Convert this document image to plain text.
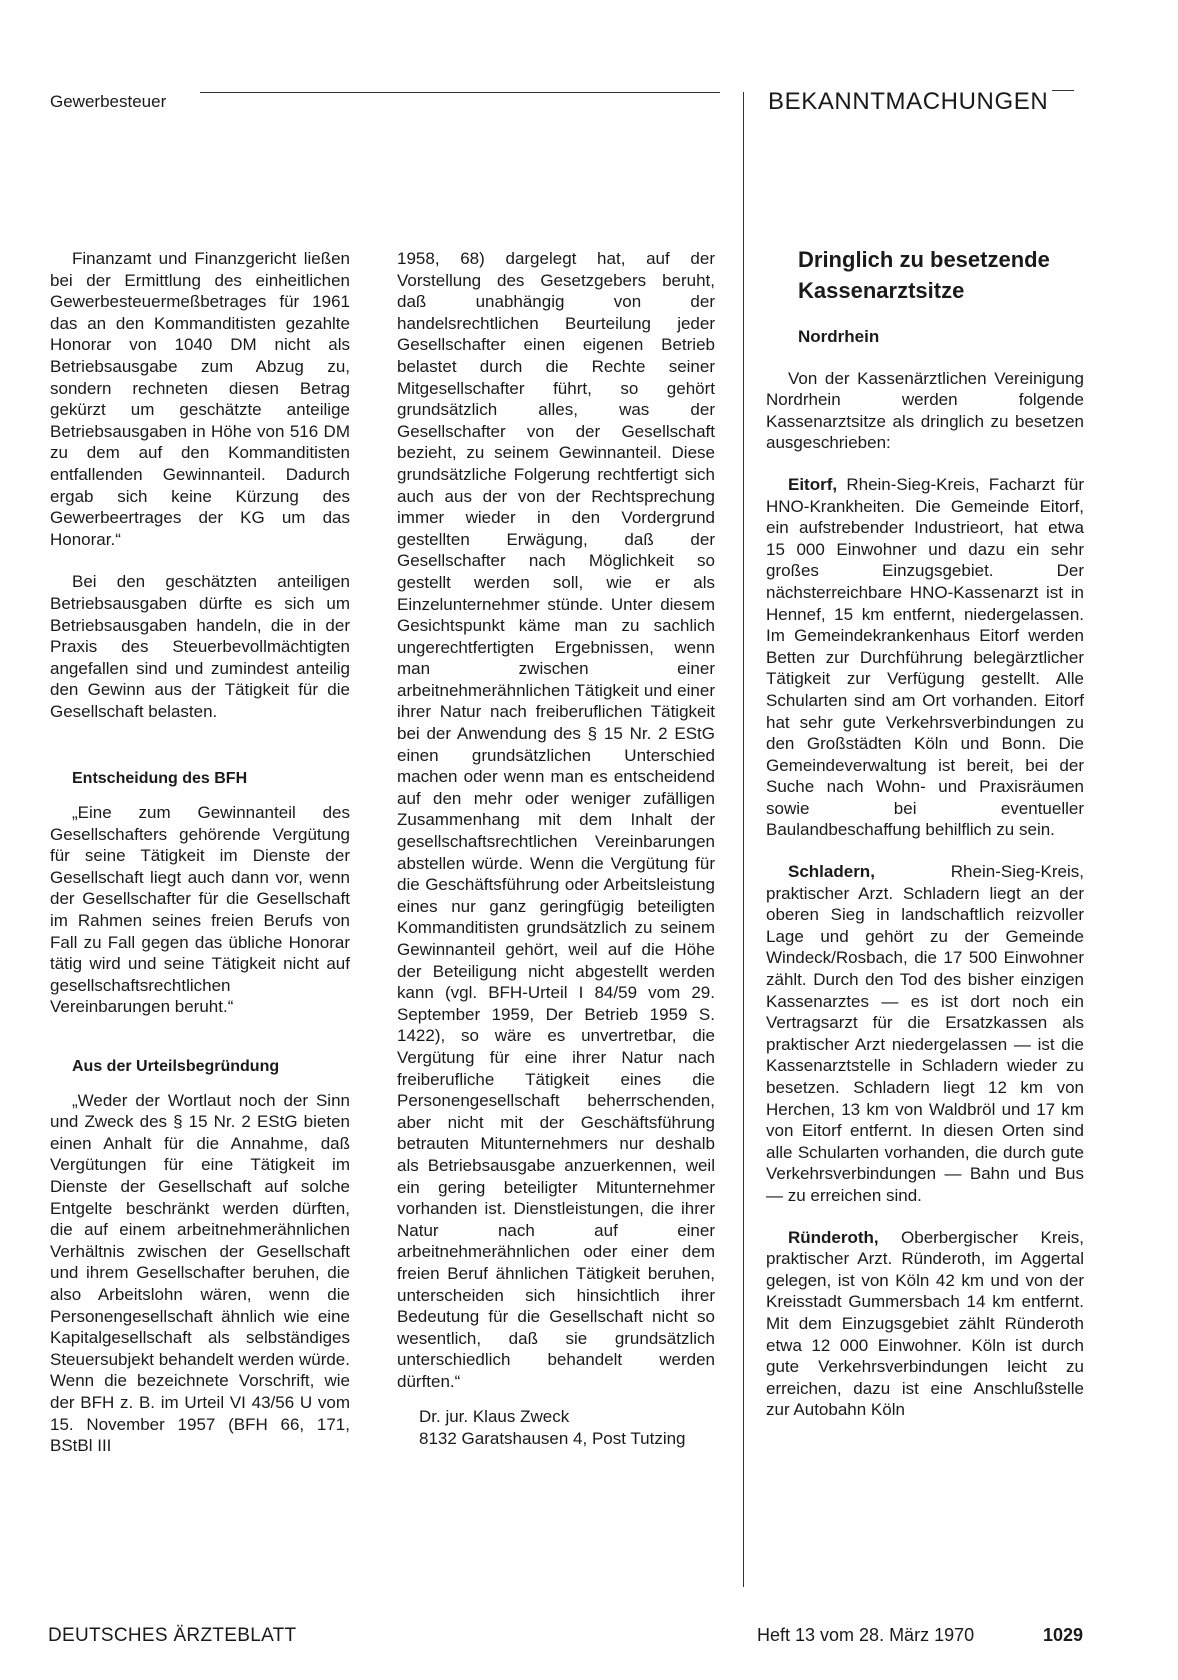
Gewerbesteuer	BEKANNTMACHUNGEN

Finanzamt und Finanzgericht ließen bei der Ermittlung des einheitlichen Gewerbesteuermeßbetrages für 1961 das an den Kommanditisten gezahlte Honorar von 1040 DM nicht als Betriebsausgabe zum Abzug zu, sondern rechneten diesen Betrag gekürzt um geschätzte anteilige Betriebsausgaben in Höhe von 516 DM zu dem auf den Kommanditisten entfallenden Gewinnanteil. Dadurch ergab sich keine Kürzung des Gewerbeertrages der KG um das Honorar.“

Bei den geschätzten anteiligen Betriebsausgaben dürfte es sich um Betriebsausgaben handeln, die in der Praxis des Steuerbevollmächtigten angefallen sind und zumindest anteilig den Gewinn aus der Tätigkeit für die Gesellschaft belasten.

Entscheidung des BFH

„Eine zum Gewinnanteil des Gesellschafters gehörende Vergütung für seine Tätigkeit im Dienste der Gesellschaft liegt auch dann vor, wenn der Gesellschafter für die Gesellschaft im Rahmen seines freien Berufs von Fall zu Fall gegen das übliche Honorar tätig wird und seine Tätigkeit nicht auf gesellschaftsrechtlichen Vereinbarungen beruht.“

Aus der Urteilsbegründung

„Weder der Wortlaut noch der Sinn und Zweck des § 15 Nr. 2 EStG bieten einen Anhalt für die Annahme, daß Vergütungen für eine Tätigkeit im Dienste der Gesellschaft auf solche Entgelte beschränkt werden dürften, die auf einem arbeitnehmerähnlichen Verhältnis zwischen der Gesellschaft und ihrem Gesellschafter beruhen, die also Arbeitslohn wären, wenn die Personengesellschaft ähnlich wie eine Kapitalgesellschaft als selbständiges Steuersubjekt behandelt werden würde. Wenn die bezeichnete Vorschrift, wie der BFH z. B. im Urteil VI 43/56 U vom 15. November 1957 (BFH 66, 171, BStBl III

1958, 68) dargelegt hat, auf der Vorstellung des Gesetzgebers beruht, daß unabhängig von der handelsrechtlichen Beurteilung jeder Gesellschafter einen eigenen Betrieb belastet durch die Rechte seiner Mitgesellschafter führt, so gehört grundsätzlich alles, was der Gesellschafter von der Gesellschaft bezieht, zu seinem Gewinnanteil. Diese grundsätzliche Folgerung rechtfertigt sich auch aus der von der Rechtsprechung immer wieder in den Vordergrund gestellten Erwägung, daß der Gesellschafter nach Möglichkeit so gestellt werden soll, wie er als Einzelunternehmer stünde. Unter diesem Gesichtspunkt käme man zu sachlich ungerechtfertigten Ergebnissen, wenn man zwischen einer arbeitnehmerähnlichen Tätigkeit und einer ihrer Natur nach freiberuflichen Tätigkeit bei der Anwendung des § 15 Nr. 2 EStG einen grundsätzlichen Unterschied machen oder wenn man es entscheidend auf den mehr oder weniger zufälligen Zusammenhang mit dem Inhalt der gesellschaftsrechtlichen Vereinbarungen abstellen würde. Wenn die Vergütung für die Geschäftsführung oder Arbeitsleistung eines nur ganz geringfügig beteiligten Kommanditisten grundsätzlich zu seinem Gewinnanteil gehört, weil auf die Höhe der Beteiligung nicht abgestellt werden kann (vgl. BFH-Urteil I 84/59 vom 29. September 1959, Der Betrieb 1959 S. 1422), so wäre es unvertretbar, die Vergütung für eine ihrer Natur nach freiberufliche Tätigkeit eines die Personengesellschaft beherrschenden, aber nicht mit der Geschäftsführung betrauten Mitunternehmers nur deshalb als Betriebsausgabe anzuerkennen, weil ein gering beteiligter Mitunternehmer vorhanden ist. Dienstleistungen, die ihrer Natur nach auf einer arbeitnehmerähnlichen oder einer dem freien Beruf ähnlichen Tätigkeit beruhen, unterscheiden sich hinsichtlich ihrer Bedeutung für die Gesellschaft nicht so wesentlich, daß sie grundsätzlich unterschiedlich behandelt werden dürften.“

Dr. jur. Klaus Zweck

8132 Garatshausen 4, Post Tutzing

Dringlich zu besetzende Kassenarztsitze
Nordrhein

Von der Kassenärztlichen Vereinigung Nordrhein werden folgende Kassenarztsitze als dringlich zu besetzen ausgeschrieben:

Eitorf, Rhein-Sieg-Kreis, Facharzt für HNO-Krankheiten. Die Gemeinde Eitorf, ein aufstrebender Industrieort, hat etwa 15 000 Einwohner und dazu ein sehr großes Einzugsgebiet. Der nächsterreichbare HNO-Kassenarzt ist in Hennef, 15 km entfernt, niedergelassen. Im Gemeindekrankenhaus Eitorf werden Betten zur Durchführung belegärztlicher Tätigkeit zur Verfügung gestellt. Alle Schularten sind am Ort vorhanden. Eitorf hat sehr gute Verkehrsverbindungen zu den Großstädten Köln und Bonn. Die Gemeindeverwaltung ist bereit, bei der Suche nach Wohn- und Praxisräumen sowie bei eventueller Baulandbeschaffung behilflich zu sein.

Schladern, Rhein-Sieg-Kreis, praktischer Arzt. Schladern liegt an der oberen Sieg in landschaftlich reizvoller Lage und gehört zu der Gemeinde Windeck/Rosbach, die 17 500 Einwohner zählt. Durch den Tod des bisher einzigen Kassenarztes — es ist dort noch ein Vertragsarzt für die Ersatzkassen als praktischer Arzt niedergelassen — ist die Kassenarztstelle in Schladern wieder zu besetzen. Schladern liegt 12 km von Herchen, 13 km von Waldbröl und 17 km von Eitorf entfernt. In diesen Orten sind alle Schularten vorhanden, die durch gute Verkehrsverbindungen — Bahn und Bus — zu erreichen sind.

Ründeroth, Oberbergischer Kreis, praktischer Arzt. Ründeroth, im Aggertal gelegen, ist von Köln 42 km und von der Kreisstadt Gummersbach 14 km entfernt. Mit dem Einzugsgebiet zählt Ründeroth etwa 12 000 Einwohner. Köln ist durch gute Verkehrsverbindungen leicht zu erreichen, dazu ist eine Anschlußstelle zur Autobahn Köln

DEUTSCHES ÄRZTEBLATT	Heft 13 vom 28. März 1970	1029
